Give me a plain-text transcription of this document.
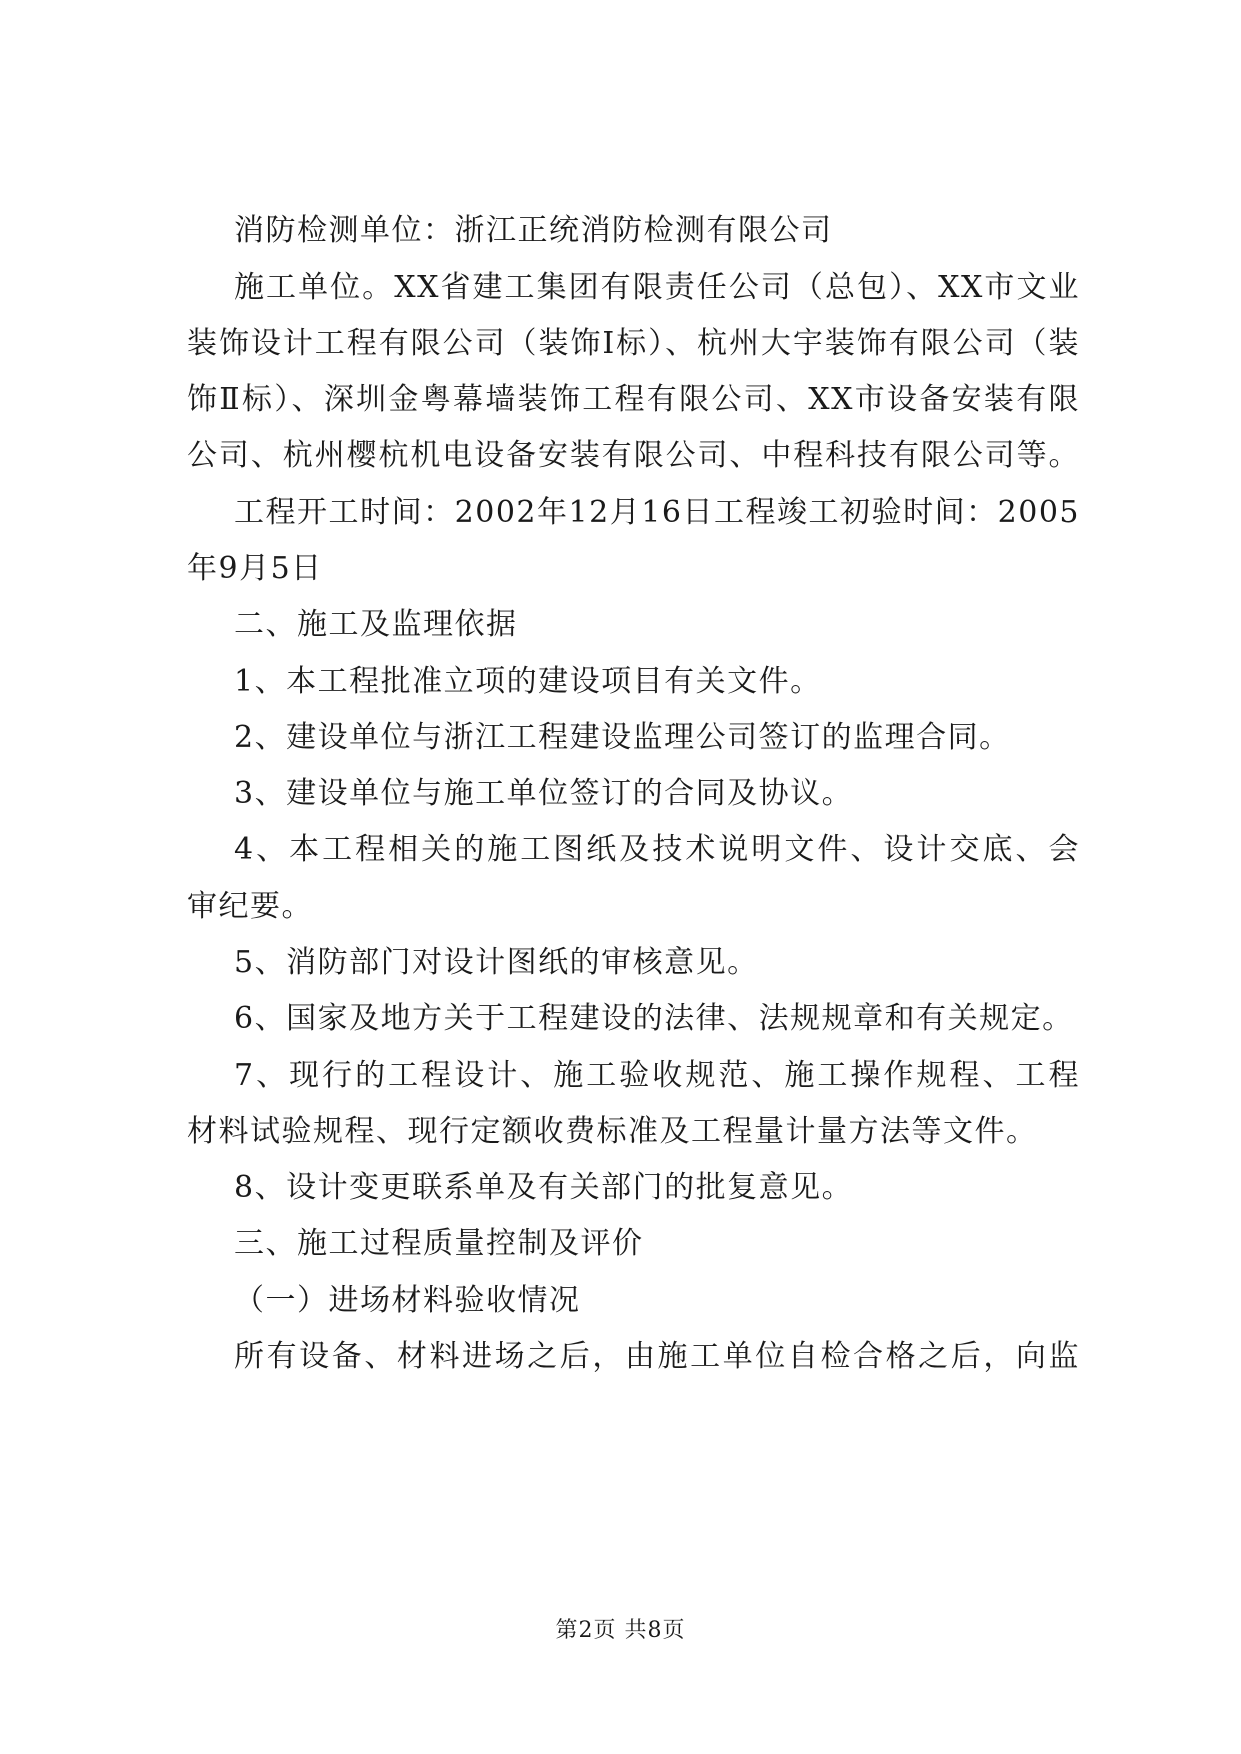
消防检测单位：浙江正统消防检测有限公司
施工单位。XX省建工集团有限责任公司（总包）、XX市文业
装饰设计工程有限公司（装饰Ⅰ标）、杭州大宇装饰有限公司（装
饰Ⅱ标）、深圳金粤幕墙装饰工程有限公司、XX市设备安装有限
公司、杭州樱杭机电设备安装有限公司、中程科技有限公司等。
工程开工时间：2002年12月16日工程竣工初验时间：2005
年9月5日
二、施工及监理依据
1、本工程批准立项的建设项目有关文件。
2、建设单位与浙江工程建设监理公司签订的监理合同。
3、建设单位与施工单位签订的合同及协议。
4、本工程相关的施工图纸及技术说明文件、设计交底、会
审纪要。
5、消防部门对设计图纸的审核意见。
6、国家及地方关于工程建设的法律、法规规章和有关规定。
7、现行的工程设计、施工验收规范、施工操作规程、工程
材料试验规程、现行定额收费标准及工程量计量方法等文件。
8、设计变更联系单及有关部门的批复意见。
三、施工过程质量控制及评价
（一）进场材料验收情况
所有设备、材料进场之后，由施工单位自检合格之后，向监
第2页 共8页
